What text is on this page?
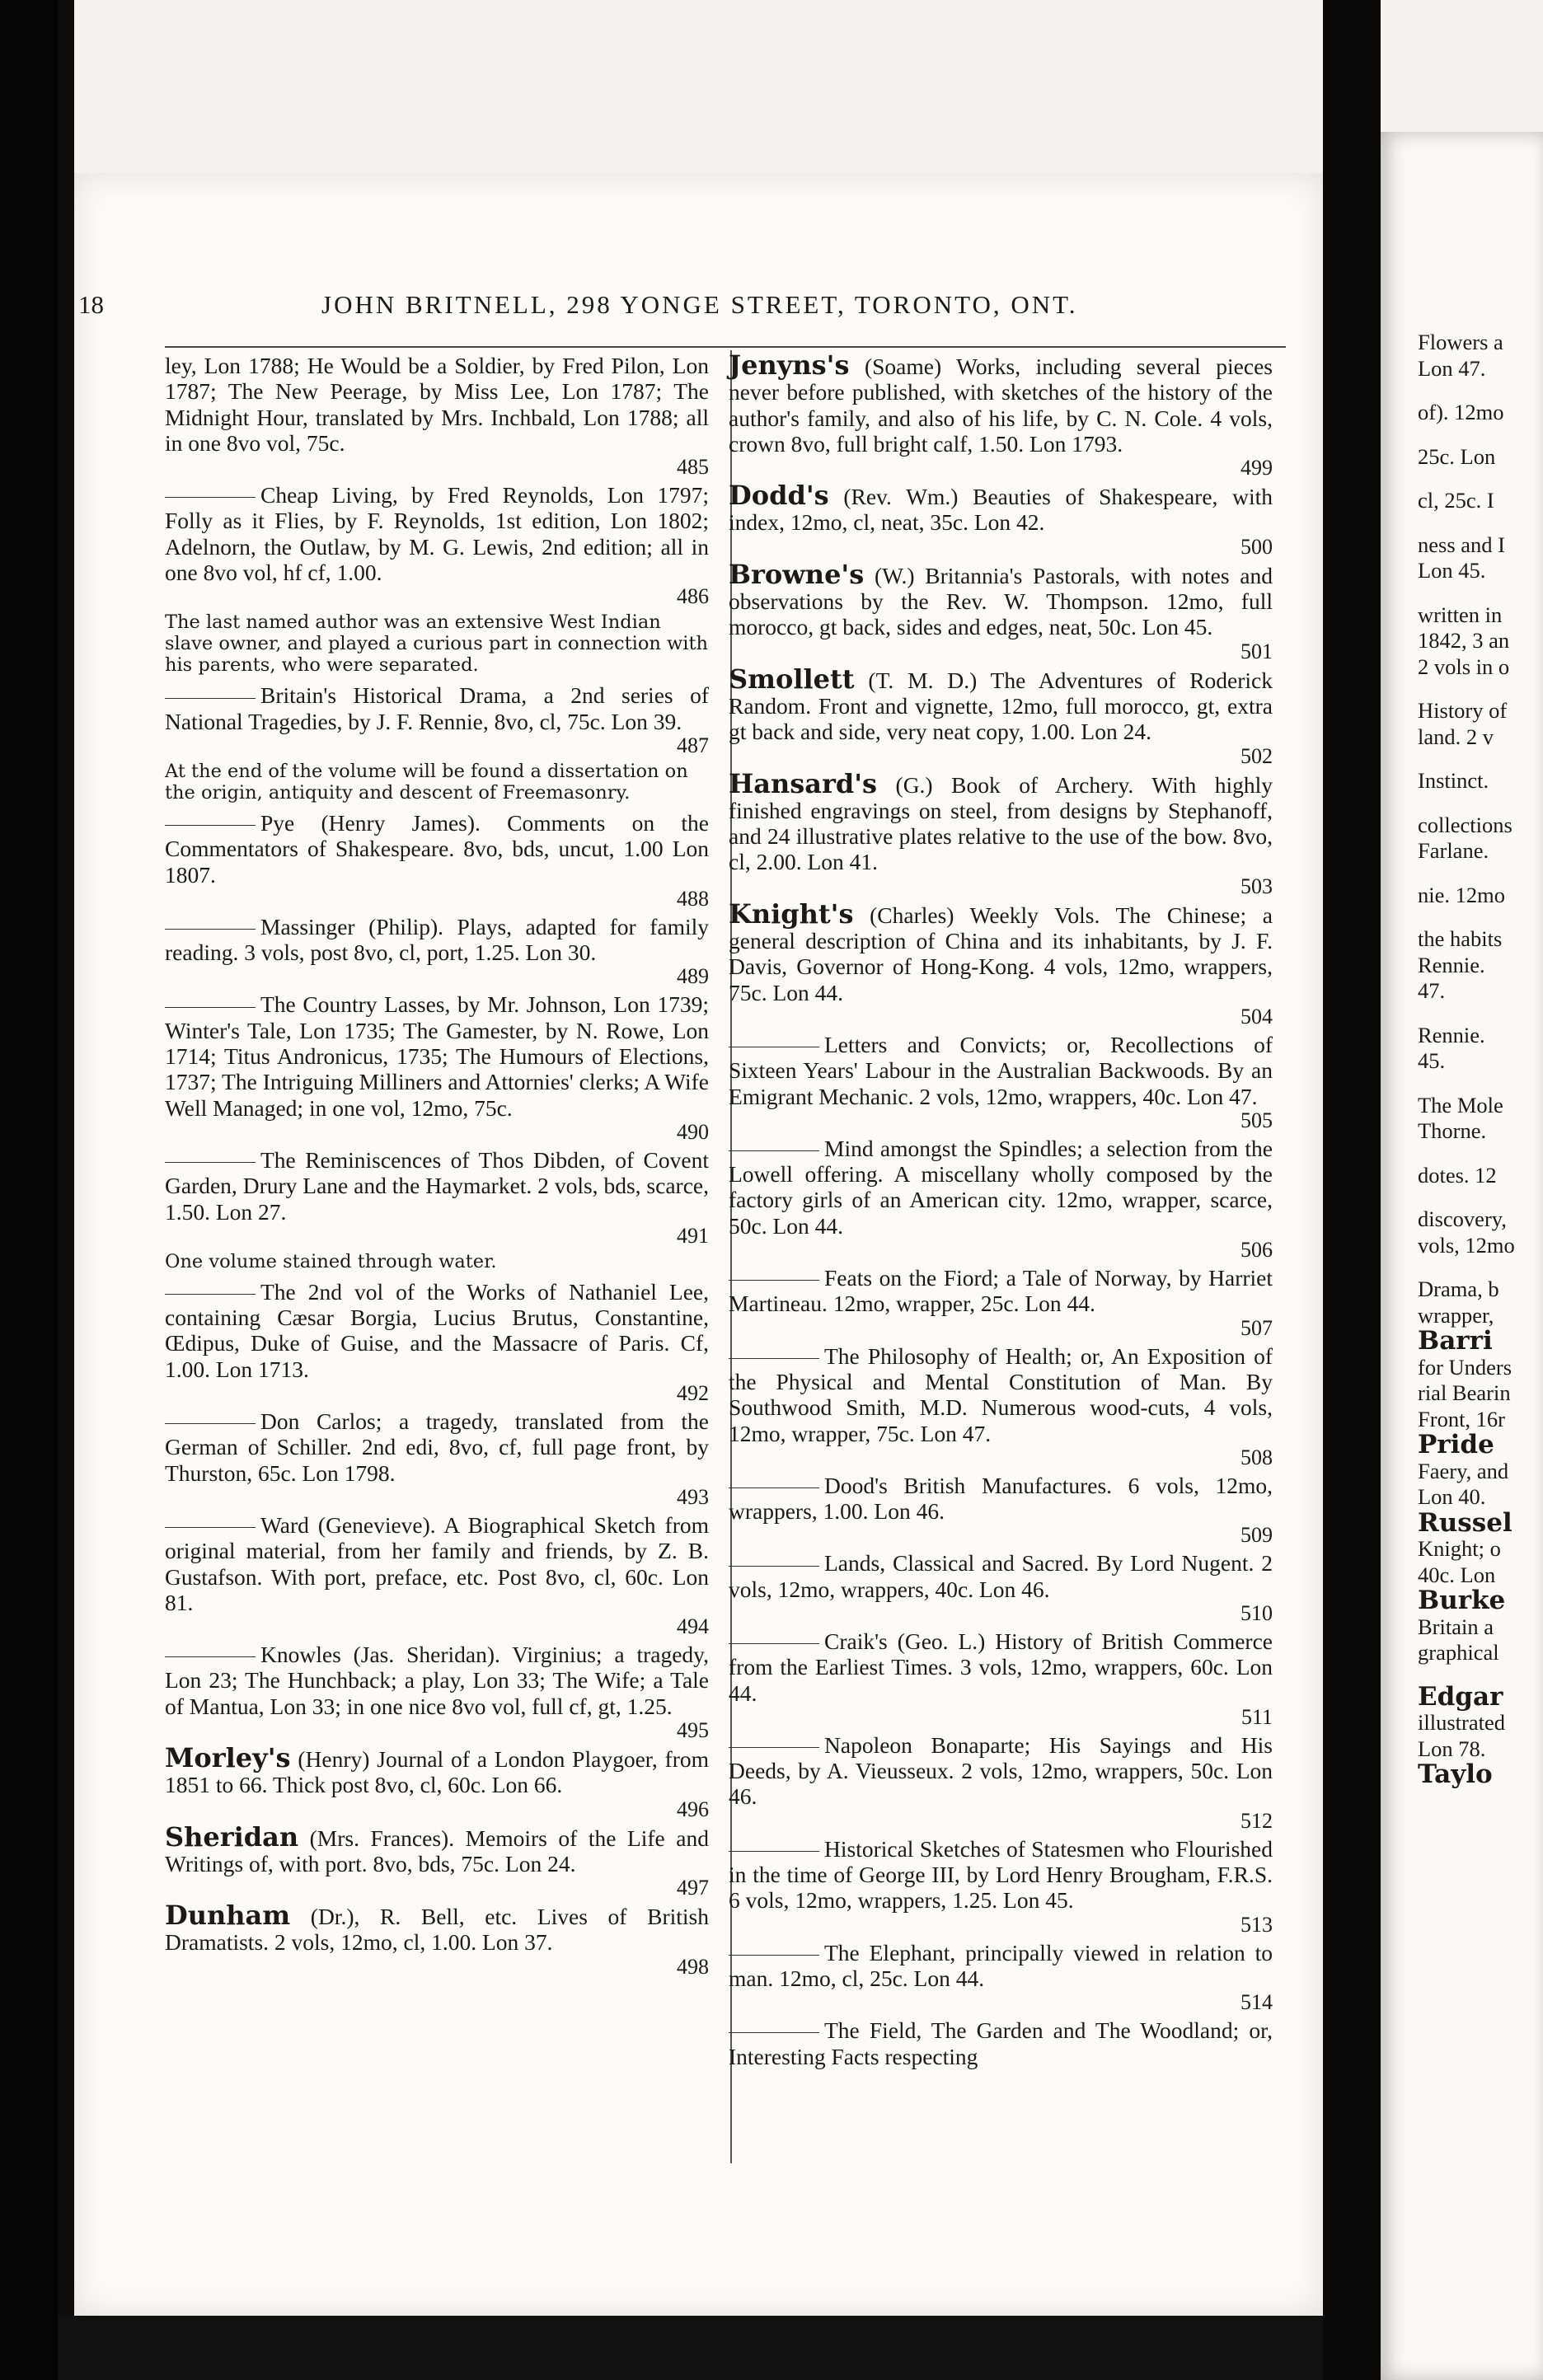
18	JOHN BRITNELL, 298 YONGE STREET, TORONTO, ONT.
ley, Lon 1788; He Would be a Soldier, by Fred Pilon, Lon 1787; The New Peerage, by Miss Lee, Lon 1787; The Midnight Hour, translated by Mrs. Inchbald, Lon 1788; all in one 8vo vol, 75c.
485
Cheap Living, by Fred Reynolds, Lon 1797; Folly as it Flies, by F. Reynolds, 1st edition, Lon 1802; Adelnorn, the Outlaw, by M. G. Lewis, 2nd edition; all in one 8vo vol, hf cf, 1.00.
486
The last named author was an extensive West Indian slave owner, and played a curious part in connection with his parents, who were separated.
Britain's Historical Drama, a 2nd series of National Tragedies, by J. F. Rennie, 8vo, cl, 75c. Lon 39.
487
At the end of the volume will be found a dissertation on the origin, antiquity and descent of Freemasonry.
Pye (Henry James). Comments on the Commentators of Shakespeare. 8vo, bds, uncut, 1.00 Lon 1807.
488
Massinger (Philip). Plays, adapted for family reading. 3 vols, post 8vo, cl, port, 1.25. Lon 30.
489
The Country Lasses, by Mr. Johnson, Lon 1739; Winter's Tale, Lon 1735; The Gamester, by N. Rowe, Lon 1714; Titus Andronicus, 1735; The Humours of Elections, 1737; The Intriguing Milliners and Attornies' clerks; A Wife Well Managed; in one vol, 12mo, 75c.
490
The Reminiscences of Thos Dibden, of Covent Garden, Drury Lane and the Haymarket. 2 vols, bds, scarce, 1.50. Lon 27.
491
One volume stained through water.
The 2nd vol of the Works of Nathaniel Lee, containing Cæsar Borgia, Lucius Brutus, Constantine, Œdipus, Duke of Guise, and the Massacre of Paris. Cf, 1.00. Lon 1713.
492
Don Carlos; a tragedy, translated from the German of Schiller. 2nd edi, 8vo, cf, full page front, by Thurston, 65c. Lon 1798.
493
Ward (Genevieve). A Biographical Sketch from original material, from her family and friends, by Z. B. Gustafson. With port, preface, etc. Post 8vo, cl, 60c. Lon 81.
494
Knowles (Jas. Sheridan). Virginius; a tragedy, Lon 23; The Hunchback; a play, Lon 33; The Wife; a Tale of Mantua, Lon 33; in one nice 8vo vol, full cf, gt, 1.25.
495
Morley's (Henry) Journal of a London Playgoer, from 1851 to 66. Thick post 8vo, cl, 60c. Lon 66.
496
Sheridan (Mrs. Frances). Memoirs of the Life and Writings of, with port. 8vo, bds, 75c. Lon 24.
497
Dunham (Dr.), R. Bell, etc. Lives of British Dramatists. 2 vols, 12mo, cl, 1.00. Lon 37.
498
Jenyns's (Soame) Works, including several pieces never before published, with sketches of the history of the author's family, and also of his life, by C. N. Cole. 4 vols, crown 8vo, full bright calf, 1.50. Lon 1793.
499
Dodd's (Rev. Wm.) Beauties of Shakespeare, with index, 12mo, cl, neat, 35c. Lon 42.
500
Browne's (W.) Britannia's Pastorals, with notes and observations by the Rev. W. Thompson. 12mo, full morocco, gt back, sides and edges, neat, 50c. Lon 45.
501
Smollett (T. M. D.) The Adventures of Roderick Random. Front and vignette, 12mo, full morocco, gt, extra gt back and side, very neat copy, 1.00. Lon 24.
502
Hansard's (G.) Book of Archery. With highly finished engravings on steel, from designs by Stephanoff, and 24 illustrative plates relative to the use of the bow. 8vo, cl, 2.00. Lon 41.
503
Knight's (Charles) Weekly Vols. The Chinese; a general description of China and its inhabitants, by J. F. Davis, Governor of Hong-Kong. 4 vols, 12mo, wrappers, 75c. Lon 44.
504
Letters and Convicts; or, Recollections of Sixteen Years' Labour in the Australian Backwoods. By an Emigrant Mechanic. 2 vols, 12mo, wrappers, 40c. Lon 47.
505
Mind amongst the Spindles; a selection from the Lowell offering. A miscellany wholly composed by the factory girls of an American city. 12mo, wrapper, scarce, 50c. Lon 44.
506
Feats on the Fiord; a Tale of Norway, by Harriet Martineau. 12mo, wrapper, 25c. Lon 44.
507
The Philosophy of Health; or, An Exposition of the Physical and Mental Constitution of Man. By Southwood Smith, M.D. Numerous wood-cuts, 4 vols, 12mo, wrapper, 75c. Lon 47.
508
Dood's British Manufactures. 6 vols, 12mo, wrappers, 1.00. Lon 46.
509
Lands, Classical and Sacred. By Lord Nugent. 2 vols, 12mo, wrappers, 40c. Lon 46.
510
Craik's (Geo. L.) History of British Commerce from the Earliest Times. 3 vols, 12mo, wrappers, 60c. Lon 44.
511
Napoleon Bonaparte; His Sayings and His Deeds, by A. Vieusseux. 2 vols, 12mo, wrappers, 50c. Lon 46.
512
Historical Sketches of Statesmen who Flourished in the time of George III, by Lord Henry Brougham, F.R.S. 6 vols, 12mo, wrappers, 1.25. Lon 45.
513
The Elephant, principally viewed in relation to man. 12mo, cl, 25c. Lon 44.
514
The Field, The Garden and The Woodland; or, Interesting Facts respecting
Flowers a
Lon 47.
of). 12mo
25c. Lon
cl, 25c. I
ness and I
Lon 45.
written in
1842, 3 an
2 vols in o
History of
land. 2 v
Instinct.
collections
Farlane.
nie. 12mo
the habits
Rennie.
47.
Rennie.
45.
The Mole
Thorne.
dotes. 12
discovery,
vols, 12mo
Drama, b
wrapper,
Barri
for Unders
rial Bearin
Front, 16r
Pride
Faery, and
Lon 40.
Russel
Knight; o
40c. Lon
Burke
Britain a
graphical
Edgar
illustrated
Lon 78.
Taylo
